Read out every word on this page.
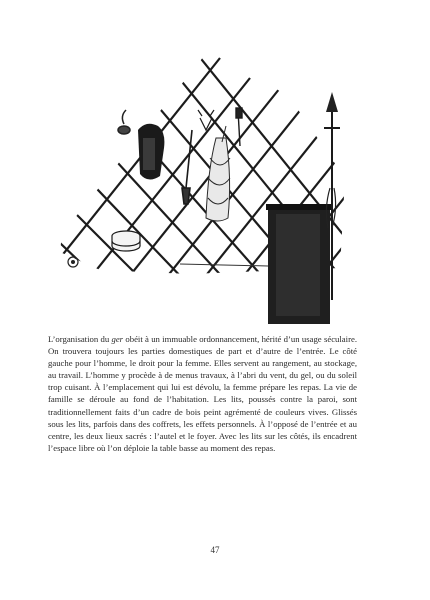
L’organisation du ger obéit à un immuable ordonnancement, hérité d’un usage séculaire. On trouvera toujours les parties domestiques de part et d’autre de l’entrée. Le côté gauche pour l’homme, le droit pour la femme. Elles servent au rangement, au stockage, au travail. L’homme y procède à de menus travaux, à l’abri du vent, du gel, ou du soleil trop cuisant. À l’emplacement qui lui est dévolu, la femme prépare les repas. La vie de famille se déroule au fond de l’habitation. Les lits, poussés contre la paroi, sont traditionnellement faits d’un cadre de bois peint agrémenté de couleurs vives. Glissés sous les lits, parfois dans des coffrets, les effets personnels. À l’opposé de l’entrée et au centre, les deux lieux sacrés : l’autel et le foyer. Avec les lits sur les côtés, ils encadrent l’espace libre où l’on déploie la table basse au moment des repas.

47
